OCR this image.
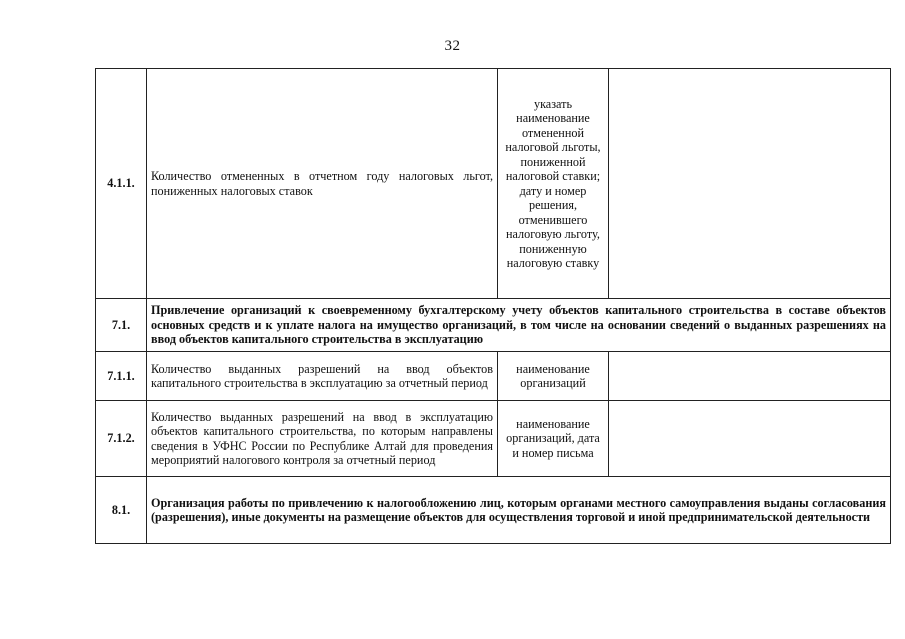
32
4.1.1.	Количество отмененных в отчетном году налоговых льгот, пониженных налоговых ставок	указать наименование отмененной налоговой льготы, пониженной налоговой ставки; дату и номер решения, отменившего налоговую льготу, пониженную налоговую ставку	
7.1.	Привлечение организаций к своевременному бухгалтерскому учету объектов капитального строительства в составе объектов основных средств и к уплате налога на имущество организаций, в том числе на основании сведений о выданных разрешениях на ввод объектов капитального строительства в эксплуатацию		
7.1.1.	Количество выданных разрешений на ввод объектов капитального строительства в эксплуатацию за отчетный период	наименование организаций	
7.1.2.	Количество выданных разрешений на ввод в эксплуатацию объектов капитального строительства, по которым направлены сведения в УФНС России по Республике Алтай для проведения мероприятий налогового контроля за отчетный период	наименование организаций, дата и номер письма	
8.1.	Организация работы по привлечению к налогообложению лиц, которым органами местного самоуправления выданы согласования (разрешения), иные документы на размещение объектов для осуществления торговой и иной предпринимательской деятельности		
